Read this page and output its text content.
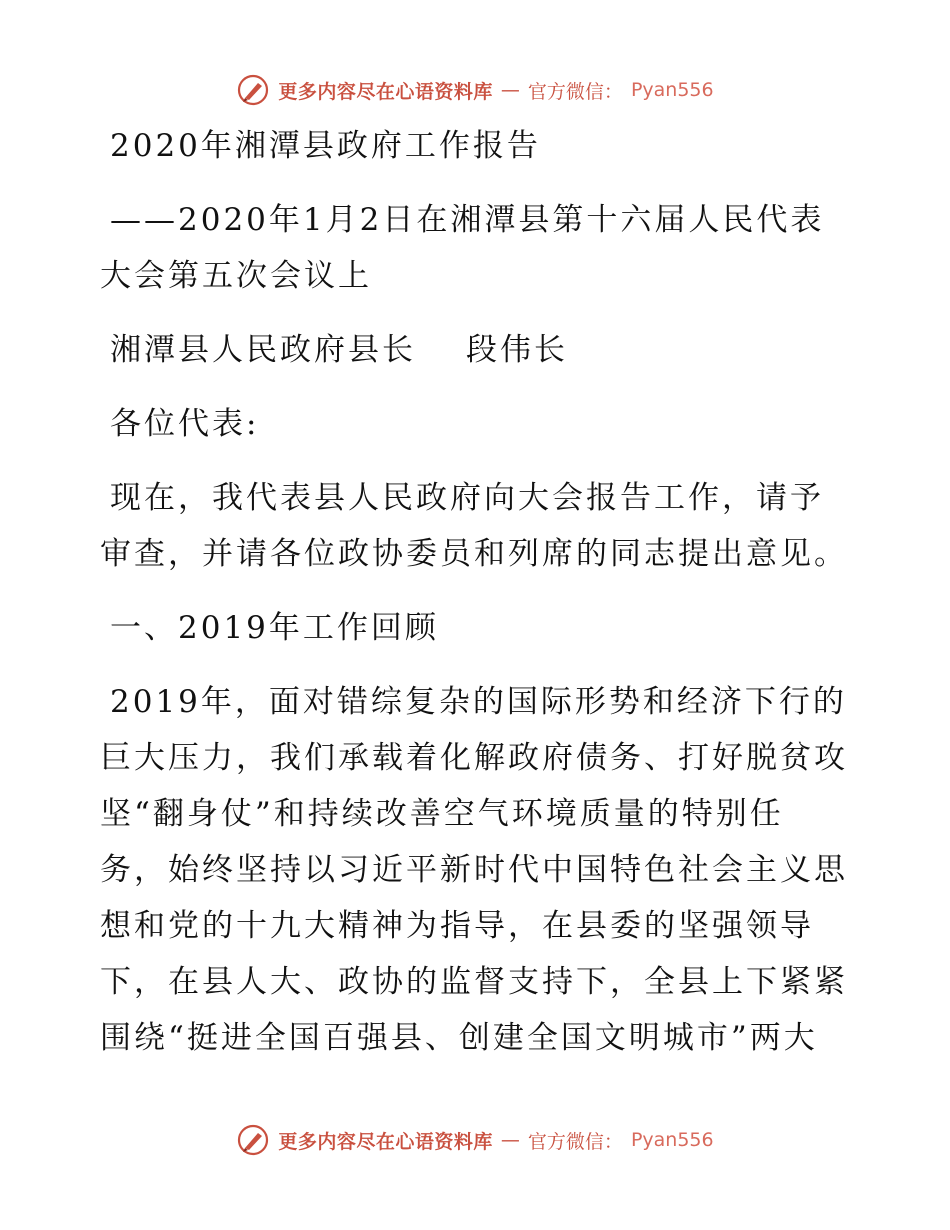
更多内容尽在心语资料库 — 官方微信： Pyan556

2020年湘潭县政府工作报告

——2020年1月2日在湘潭县第十六届人民代表

大会第五次会议上

湘潭县人民政府县长 段伟长

各位代表:

现在，我代表县人民政府向大会报告工作，请予

审查，并请各位政协委员和列席的同志提出意见。

一、2019年工作回顾

2019年，面对错综复杂的国际形势和经济下行的

巨大压力，我们承载着化解政府债务、打好脱贫攻

坚“翻身仗”和持续改善空气环境质量的特别任

务，始终坚持以习近平新时代中国特色社会主义思

想和党的十九大精神为指导，在县委的坚强领导

下，在县人大、政协的监督支持下，全县上下紧紧

围绕“挺进全国百强县、创建全国文明城市”两大

更多内容尽在心语资料库 — 官方微信： Pyan556
